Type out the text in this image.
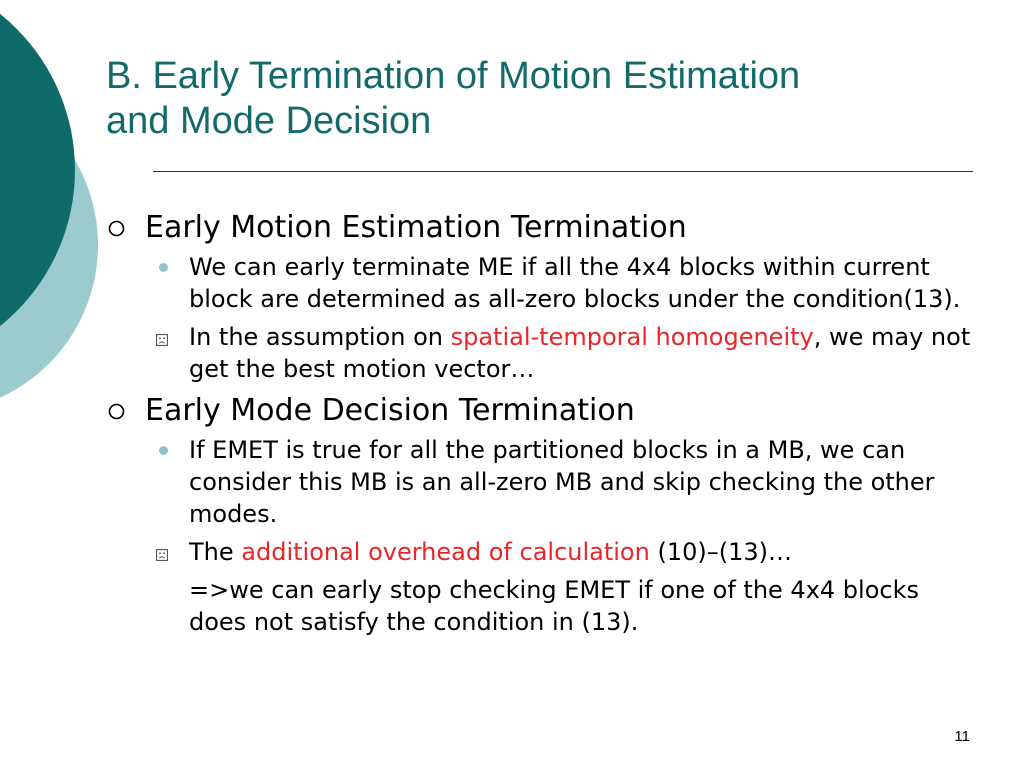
B. Early Termination of Motion Estimation
and Mode Decision
Early Motion Estimation Termination
We can early terminate ME if all the 4x4 blocks within current block are determined as all-zero blocks under the condition(13).
In the assumption on spatial-temporal homogeneity, we may not get the best motion vector…
Early Mode Decision Termination
If EMET is true for all the partitioned blocks in a MB, we can consider this MB is an all-zero MB and skip checking the other modes.
The additional overhead of calculation (10)–(13)…
=>we can early stop checking EMET if one of the 4x4 blocks does not satisfy the condition in (13).
11
